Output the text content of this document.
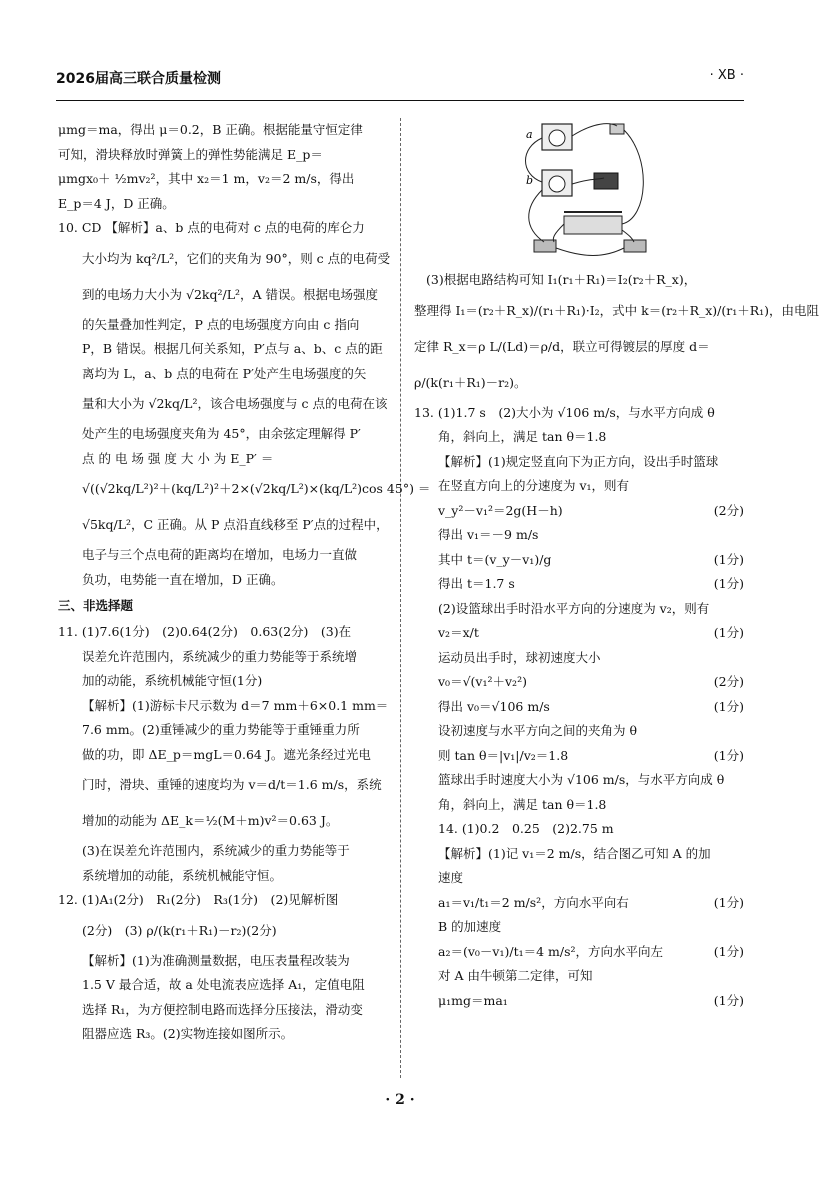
2026届高三联合质量检测	· XB ·
μmg＝ma，得出 μ＝0.2，B 正确。根据能量守恒定律
可知，滑块释放时弹簧上的弹性势能满足 E_p＝
μmgx₀＋ ½mv₂²，其中 x₂＝1 m，v₂＝2 m/s，得出
E_p＝4 J，D 正确。
10. CD 【解析】a、b 点的电荷对 c 点的电荷的库仑力
大小均为 kq²/L²，它们的夹角为 90°，则 c 点的电荷受
到的电场力大小为 √2kq²/L²，A 错误。根据电场强度
的矢量叠加性判定，P 点的电场强度方向由 c 指向
P，B 错误。根据几何关系知，P′点与 a、b、c 点的距
离均为 L，a、b 点的电荷在 P′处产生电场强度的矢
量和大小为 √2kq/L²，该合电场强度与 c 点的电荷在该
处产生的电场强度夹角为 45°，由余弦定理解得 P′
点 的 电 场 强 度 大 小 为 E_P′ ＝
√((√2kq/L²)²＋(kq/L²)²＋2×(√2kq/L²)×(kq/L²)cos 45°) ＝
√5kq/L²，C 正确。从 P 点沿直线移至 P′点的过程中，
电子与三个点电荷的距离均在增加，电场力一直做
负功，电势能一直在增加，D 正确。
三、非选择题
11. (1)7.6(1分)　(2)0.64(2分)　0.63(2分)　(3)在
误差允许范围内，系统减少的重力势能等于系统增
加的动能，系统机械能守恒(1分)
【解析】(1)游标卡尺示数为 d＝7 mm＋6×0.1 mm＝
7.6 mm。(2)重锤减少的重力势能等于重锤重力所
做的功，即 ΔE_p＝mgL＝0.64 J。遮光条经过光电
门时，滑块、重锤的速度均为 v＝d/t＝1.6 m/s，系统
增加的动能为 ΔE_k＝½(M＋m)v²＝0.63 J。
(3)在误差允许范围内，系统减少的重力势能等于
系统增加的动能，系统机械能守恒。
12. (1)A₁(2分)　R₁(2分)　R₃(1分)　(2)见解析图
(2分)　(3) ρ/(k(r₁＋R₁)－r₂)(2分)
【解析】(1)为准确测量数据，电压表量程改装为
1.5 V 最合适，故 a 处电流表应选择 A₁，定值电阻
选择 R₁，为方便控制电路而选择分压接法，滑动变
阻器应选 R₃。(2)实物连接如图所示。
a
b
(3)根据电路结构可知 I₁(r₁＋R₁)＝I₂(r₂＋R_x)，
整理得 I₁＝(r₂＋R_x)/(r₁＋R₁)·I₂，式中 k＝(r₂＋R_x)/(r₁＋R₁)，由电阻
定律 R_x＝ρ L/(Ld)＝ρ/d，联立可得镀层的厚度 d＝
ρ/(k(r₁＋R₁)－r₂)。
13. (1)1.7 s　(2)大小为 √106 m/s，与水平方向成 θ
角，斜向上，满足 tan θ＝1.8
【解析】(1)规定竖直向下为正方向，设出手时篮球
在竖直方向上的分速度为 v₁，则有
v_y²－v₁²＝2g(H－h)	(2分)
得出 v₁＝－9 m/s
其中 t＝(v_y－v₁)/g	(1分)
得出 t＝1.7 s	(1分)
(2)设篮球出手时沿水平方向的分速度为 v₂，则有
v₂＝x/t	(1分)
运动员出手时，球初速度大小
v₀＝√(v₁²＋v₂²)	(2分)
得出 v₀＝√106 m/s	(1分)
设初速度与水平方向之间的夹角为 θ
则 tan θ＝|v₁|/v₂＝1.8	(1分)
篮球出手时速度大小为 √106 m/s，与水平方向成 θ
角，斜向上，满足 tan θ＝1.8
14. (1)0.2　0.25　(2)2.75 m
【解析】(1)记 v₁＝2 m/s，结合图乙可知 A 的加
速度
a₁＝v₁/t₁＝2 m/s²，方向水平向右	(1分)
B 的加速度
a₂＝(v₀－v₁)/t₁＝4 m/s²，方向水平向左	(1分)
对 A 由牛顿第二定律，可知
μ₁mg＝ma₁	(1分)
· 2 ·
